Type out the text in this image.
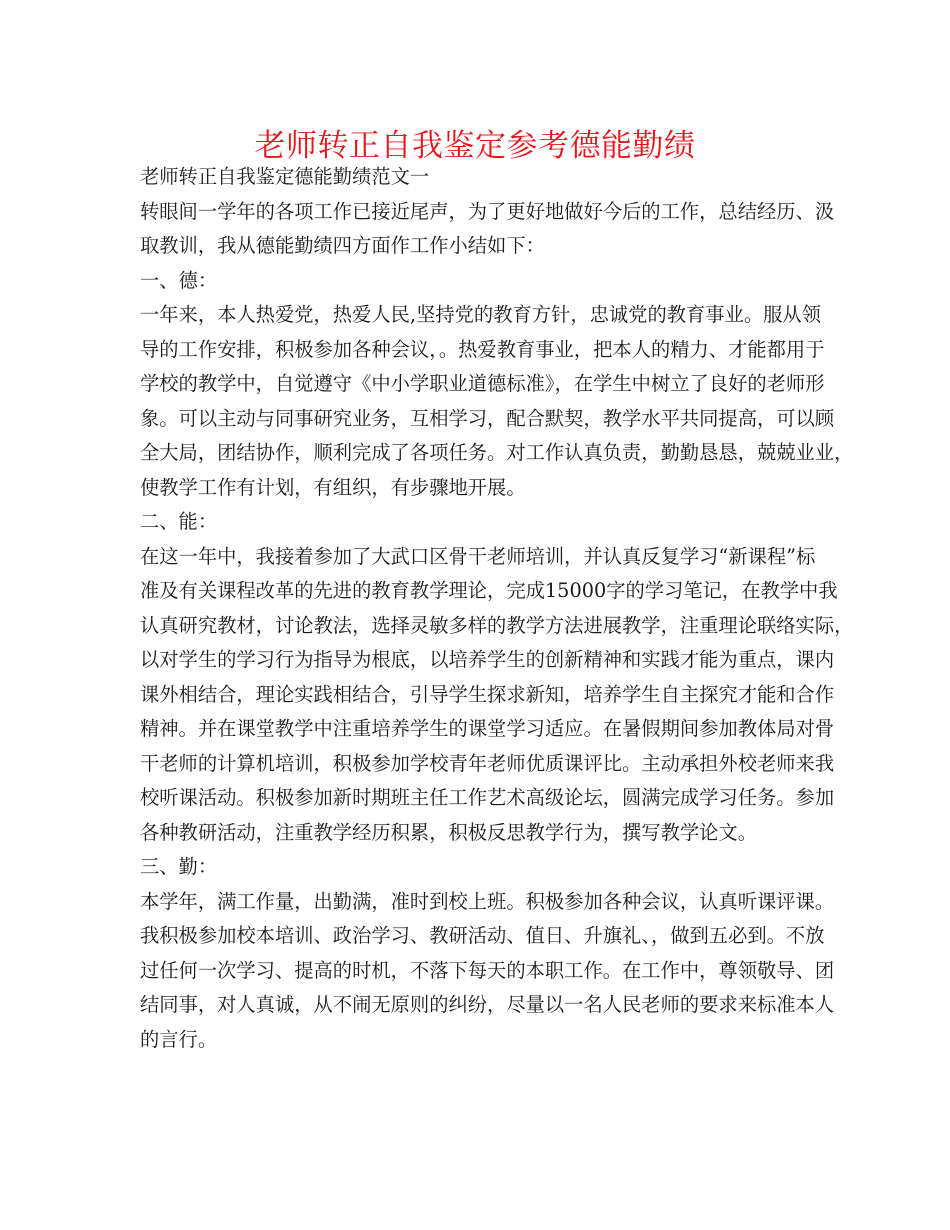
老师转正自我鉴定参考德能勤绩
老师转正自我鉴定德能勤绩范文一
转眼间一学年的各项工作已接近尾声，为了更好地做好今后的工作，总结经历、汲
取教训，我从德能勤绩四方面作工作小结如下：
一、德：
一年来，本人热爱党，热爱人民,坚持党的教育方针，忠诚党的教育事业。服从领
导的工作安排，积极参加各种会议，。热爱教育事业，把本人的精力、才能都用于
学校的教学中，自觉遵守《中小学职业道德标准》，在学生中树立了良好的老师形
象。可以主动与同事研究业务，互相学习，配合默契，教学水平共同提高，可以顾
全大局，团结协作，顺利完成了各项任务。对工作认真负责，勤勤恳恳，兢兢业业，
使教学工作有计划，有组织，有步骤地开展。
二、能：
在这一年中，我接着参加了大武口区骨干老师培训，并认真反复学习“新课程”标
准及有关课程改革的先进的教育教学理论，完成15000字的学习笔记，在教学中我
认真研究教材，讨论教法，选择灵敏多样的教学方法进展教学，注重理论联络实际，
以对学生的学习行为指导为根底，以培养学生的创新精神和实践才能为重点，课内
课外相结合，理论实践相结合，引导学生探求新知，培养学生自主探究才能和合作
精神。并在课堂教学中注重培养学生的课堂学习适应。在暑假期间参加教体局对骨
干老师的计算机培训，积极参加学校青年老师优质课评比。主动承担外校老师来我
校听课活动。积极参加新时期班主任工作艺术高级论坛，圆满完成学习任务。参加
各种教研活动，注重教学经历积累，积极反思教学行为，撰写教学论文。
三、勤：
本学年，满工作量，出勤满，准时到校上班。积极参加各种会议，认真听课评课。
我积极参加校本培训、政治学习、教研活动、值日、升旗礼、，做到五必到。不放
过任何一次学习、提高的时机，不落下每天的本职工作。在工作中，尊领敬导、团
结同事，对人真诚，从不闹无原则的纠纷，尽量以一名人民老师的要求来标准本人
的言行。
